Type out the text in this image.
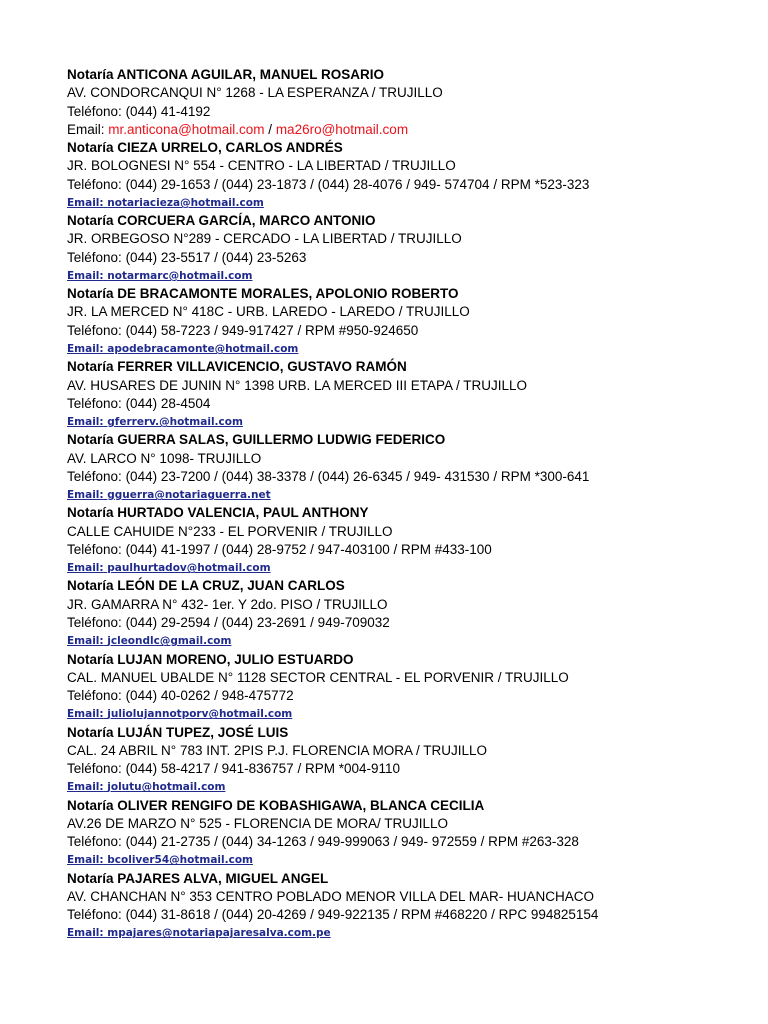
Notaría ANTICONA AGUILAR, MANUEL ROSARIO
AV. CONDORCANQUI N° 1268 - LA ESPERANZA / TRUJILLO
Teléfono: (044) 41-4192
Email: mr.anticona@hotmail.com / ma26ro@hotmail.com
Notaría CIEZA URRELO, CARLOS ANDRÉS
JR. BOLOGNESI N° 554 - CENTRO - LA LIBERTAD / TRUJILLO
Teléfono: (044) 29-1653 / (044) 23-1873 / (044) 28-4076 / 949- 574704 / RPM *523-323
Email: notariacieza@hotmail.com
Notaría CORCUERA GARCÍA, MARCO ANTONIO
JR. ORBEGOSO N°289 - CERCADO - LA LIBERTAD / TRUJILLO
Teléfono: (044) 23-5517 / (044) 23-5263
Email: notarmarc@hotmail.com
Notaría DE BRACAMONTE MORALES, APOLONIO ROBERTO
JR. LA MERCED N° 418C - URB. LAREDO - LAREDO / TRUJILLO
Teléfono: (044) 58-7223 / 949-917427 / RPM #950-924650
Email: apodebracamonte@hotmail.com
Notaría FERRER VILLAVICENCIO, GUSTAVO RAMÓN
AV. HUSARES DE JUNIN N° 1398 URB. LA MERCED III ETAPA / TRUJILLO
Teléfono: (044) 28-4504
Email: gferrerv.@hotmail.com
Notaría GUERRA SALAS, GUILLERMO LUDWIG FEDERICO
AV. LARCO N° 1098- TRUJILLO
Teléfono: (044) 23-7200 / (044) 38-3378 / (044) 26-6345 / 949- 431530 / RPM *300-641
Email: gguerra@notariaguerra.net
Notaría HURTADO VALENCIA, PAUL ANTHONY
CALLE CAHUIDE N°233 - EL PORVENIR / TRUJILLO
Teléfono: (044) 41-1997 / (044) 28-9752 / 947-403100 / RPM #433-100
Email: paulhurtadov@hotmail.com
Notaría LEÓN DE LA CRUZ, JUAN CARLOS
JR. GAMARRA N° 432- 1er. Y 2do. PISO / TRUJILLO
Teléfono: (044) 29-2594 / (044) 23-2691 / 949-709032
Email: jcleondlc@gmail.com
Notaría LUJAN MORENO, JULIO ESTUARDO
CAL. MANUEL UBALDE N° 1128 SECTOR CENTRAL - EL PORVENIR / TRUJILLO
Teléfono: (044) 40-0262 / 948-475772
Email: juliolujannotporv@hotmail.com
Notaría LUJÁN TUPEZ, JOSÉ LUIS
CAL. 24 ABRIL N° 783 INT. 2PIS P.J. FLORENCIA MORA / TRUJILLO
Teléfono: (044) 58-4217 / 941-836757 / RPM *004-9110
Email: jolutu@hotmail.com
Notaría OLIVER RENGIFO DE KOBASHIGAWA, BLANCA CECILIA
AV.26 DE MARZO N° 525 - FLORENCIA DE MORA/ TRUJILLO
Teléfono: (044) 21-2735 / (044) 34-1263 / 949-999063 / 949- 972559 / RPM #263-328
Email: bcoliver54@hotmail.com
Notaría PAJARES ALVA, MIGUEL ANGEL
AV. CHANCHAN N° 353 CENTRO POBLADO MENOR VILLA DEL MAR- HUANCHACO
Teléfono: (044) 31-8618 / (044) 20-4269 / 949-922135 / RPM #468220 / RPC 994825154
Email: mpajares@notariapajaresalva.com.pe
